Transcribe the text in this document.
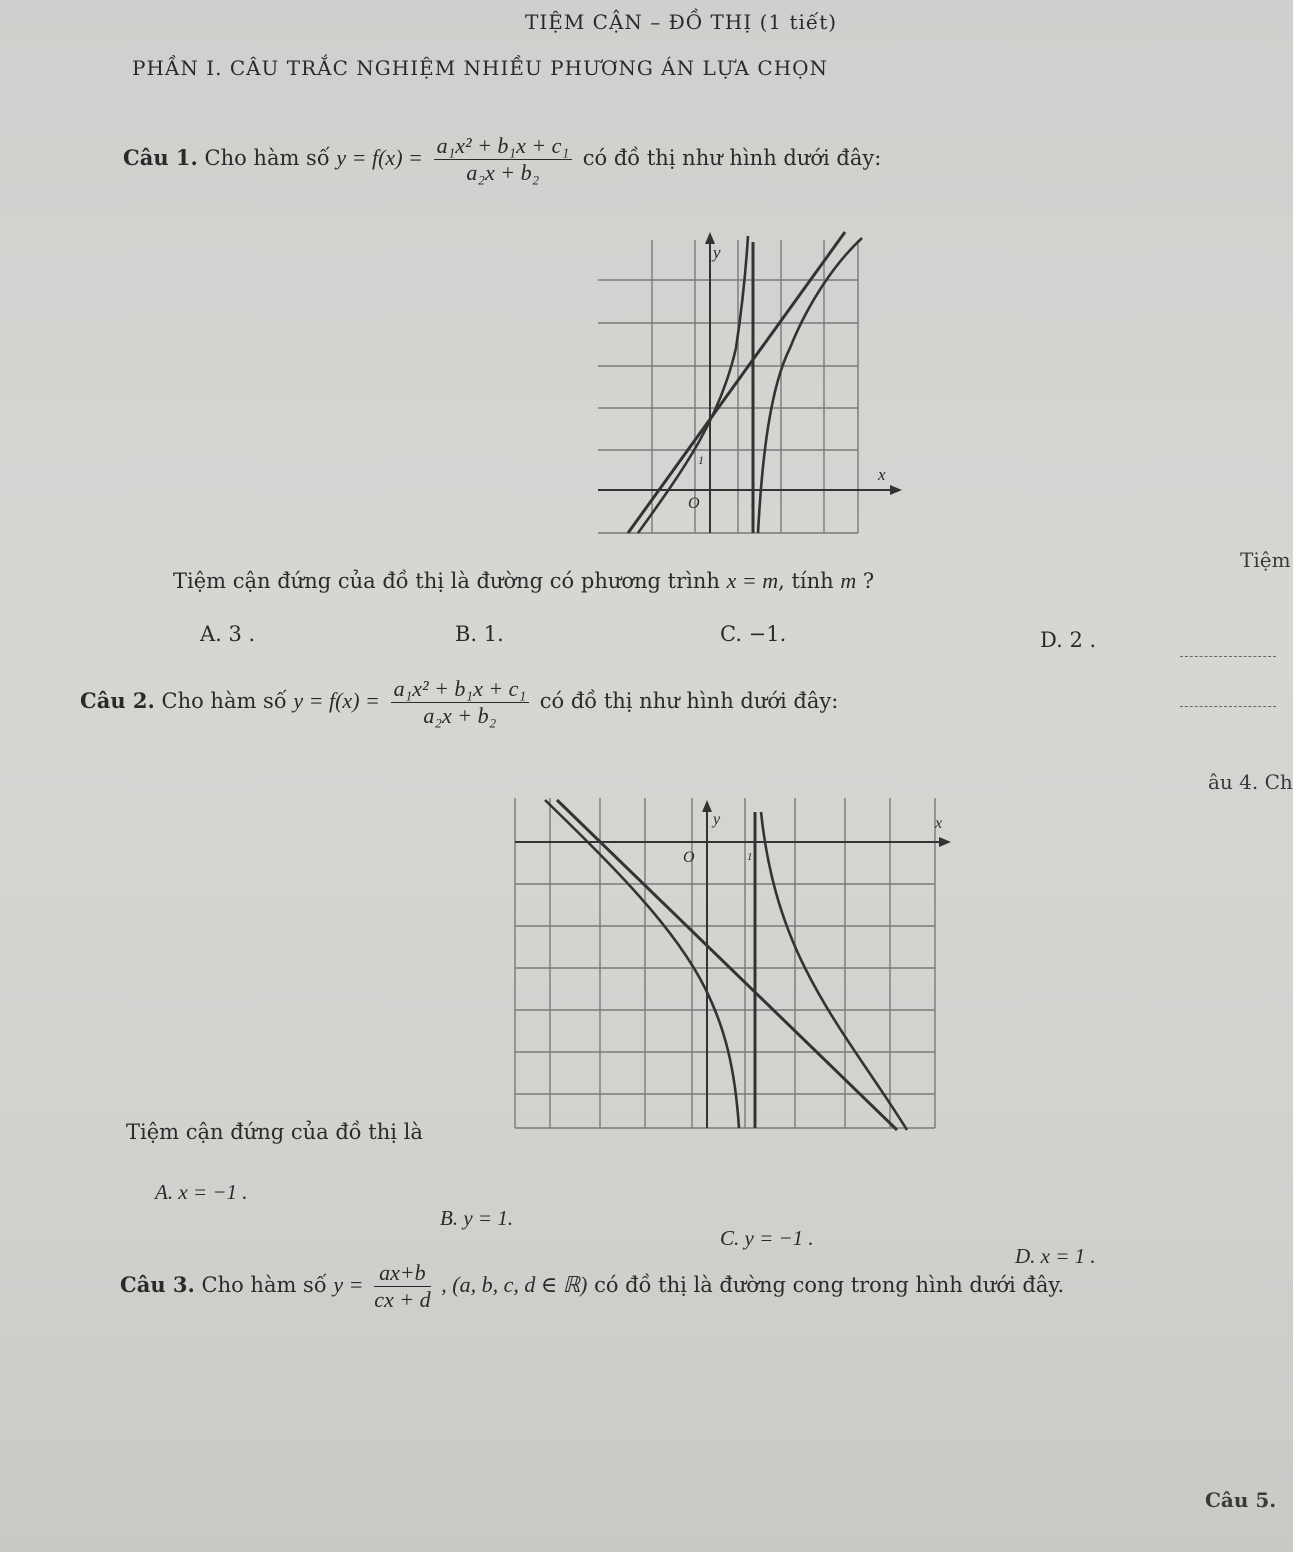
TIỆM CẬN – ĐỒ THỊ (1 tiết)
PHẦN I. CÂU TRẮC NGHIỆM NHIỀU PHƯƠNG ÁN LỰA CHỌN
Câu 1. Cho hàm số $y = f(x) = \frac{\text{a₁x² + b₁x + c₁}}{\text{a₂x + b₂}}$ có đồ thị như hình dưới đây:
y
x
O	1
1
Tiệm cận đứng của đồ thị là đường có phương trình x = m, tính m ?
A. 3 .	B. 1.	C. −1.	D. 2 .
Câu 2. Cho hàm số $y = f(x) = \frac{\text{a₁x² + b₁x + c₁}}{\text{a₂x + b₂}}$ có đồ thị như hình dưới đây:
y	x
O	1
Tiệm cận đứng của đồ thị là
A. x = −1 .
B. y = 1.
C. y = −1 .
D. x = 1 .
Câu 3. Cho hàm số $y = \frac{ax+b}{cx + d}$ , (a, b, c, d ∈ ℝ) có đồ thị là đường cong trong hình dưới đây.
Tiệm
âu 4. Ch
Câu 5.
